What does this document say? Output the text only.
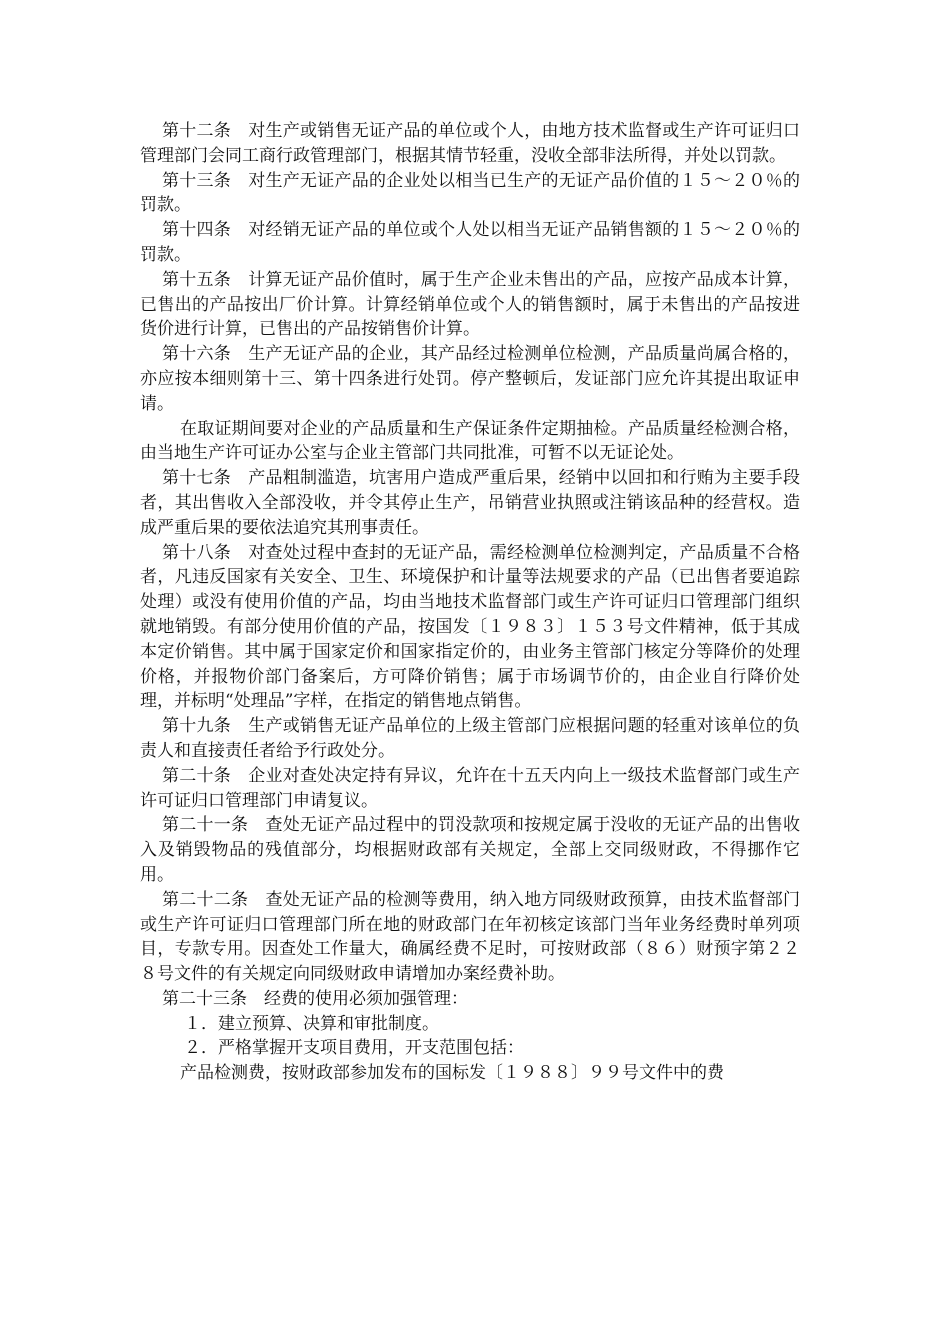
第十二条　对生产或销售无证产品的单位或个人，由地方技术监督或生产许可证归口管理部门会同工商行政管理部门，根据其情节轻重，没收全部非法所得，并处以罚款。

第十三条　对生产无证产品的企业处以相当已生产的无证产品价值的１５～２０％的罚款。

第十四条　对经销无证产品的单位或个人处以相当无证产品销售额的１５～２０％的罚款。

第十五条　计算无证产品价值时，属于生产企业未售出的产品，应按产品成本计算，已售出的产品按出厂价计算。计算经销单位或个人的销售额时，属于未售出的产品按进货价进行计算，已售出的产品按销售价计算。

第十六条　生产无证产品的企业，其产品经过检测单位检测，产品质量尚属合格的，亦应按本细则第十三、第十四条进行处罚。停产整顿后，发证部门应允许其提出取证申请。

在取证期间要对企业的产品质量和生产保证条件定期抽检。产品质量经检测合格，由当地生产许可证办公室与企业主管部门共同批准，可暂不以无证论处。

第十七条　产品粗制滥造，坑害用户造成严重后果，经销中以回扣和行贿为主要手段者，其出售收入全部没收，并令其停止生产，吊销营业执照或注销该品种的经营权。造成严重后果的要依法追究其刑事责任。

第十八条　对查处过程中查封的无证产品，需经检测单位检测判定，产品质量不合格者，凡违反国家有关安全、卫生、环境保护和计量等法规要求的产品（已出售者要追踪处理）或没有使用价值的产品，均由当地技术监督部门或生产许可证归口管理部门组织就地销毁。有部分使用价值的产品，按国发〔１９８３〕１５３号文件精神，低于其成本定价销售。其中属于国家定价和国家指定价的，由业务主管部门核定分等降价的处理价格，并报物价部门备案后，方可降价销售；属于市场调节价的，由企业自行降价处理，并标明“处理品”字样，在指定的销售地点销售。

第十九条　生产或销售无证产品单位的上级主管部门应根据问题的轻重对该单位的负责人和直接责任者给予行政处分。

第二十条　企业对查处决定持有异议，允许在十五天内向上一级技术监督部门或生产许可证归口管理部门申请复议。

第二十一条　查处无证产品过程中的罚没款项和按规定属于没收的无证产品的出售收入及销毁物品的残值部分，均根据财政部有关规定，全部上交同级财政，不得挪作它用。

第二十二条　查处无证产品的检测等费用，纳入地方同级财政预算，由技术监督部门或生产许可证归口管理部门所在地的财政部门在年初核定该部门当年业务经费时单列项目，专款专用。因查处工作量大，确属经费不足时，可按财政部（８６）财预字第２２８号文件的有关规定向同级财政申请增加办案经费补助。

第二十三条　经费的使用必须加强管理：

１．建立预算、决算和审批制度。

２．严格掌握开支项目费用，开支范围包括：

产品检测费，按财政部参加发布的国标发〔１９８８〕９９号文件中的费
